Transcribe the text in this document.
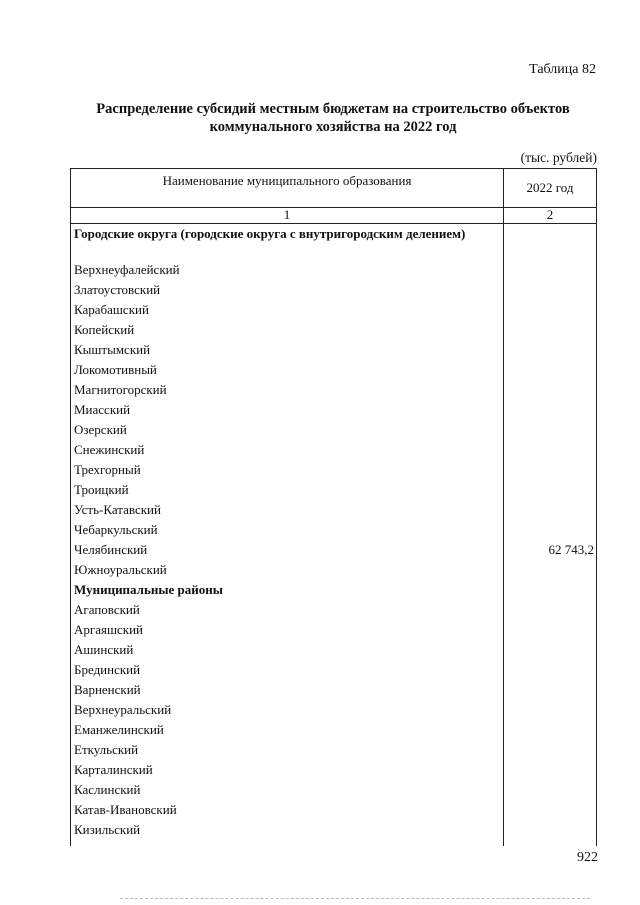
Таблица 82
Распределение субсидий местным бюджетам на строительство объектов коммунального хозяйства на 2022 год
(тыс. рублей)
Наименование муниципального образования	2022 год
1	2
Городские округа (городские округа с внутригородским делением)
Верхнеуфалейский
Златоустовский
Карабашский
Копейский
Кыштымский
Локомотивный
Магнитогорский
Миасский
Озерский
Снежинский
Трехгорный
Троицкий
Усть-Катавский
Чебаркульский
Челябинский	62 743,2
Южноуральский
Муниципальные районы
Агаповский
Аргаяшский
Ашинский
Брединский
Варненский
Верхнеуральский
Еманжелинский
Еткульский
Карталинский
Каслинский
Катав-Ивановский
Кизильский
922
